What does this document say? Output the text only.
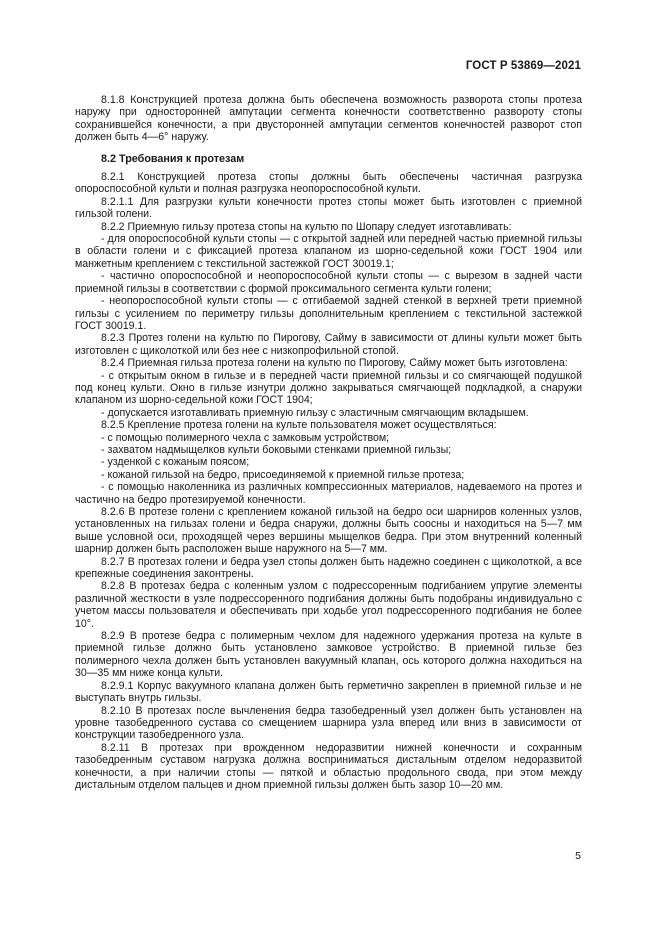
ГОСТ Р 53869—2021

8.1.8 Конструкцией протеза должна быть обеспечена возможность разворота стопы протеза наружу при односторонней ампутации сегмента конечности соответственно развороту стопы сохранившейся конечности, а при двусторонней ампутации сегментов конечностей разворот стоп должен быть 4—6° наружу.

8.2 Требования к протезам

8.2.1 Конструкцией протеза стопы должны быть обеспечены частичная разгрузка опороспособной культи и полная разгрузка неопороспособной культи.

8.2.1.1 Для разгрузки культи конечности протез стопы может быть изготовлен с приемной гильзой голени.

8.2.2 Приемную гильзу протеза стопы на культю по Шопару следует изготавливать:

- для опороспособной культи стопы — с открытой задней или передней частью приемной гильзы в области голени и с фиксацией протеза клапаном из шорно-седельной кожи ГОСТ 1904 или манжетным креплением с текстильной застежкой ГОСТ 30019.1;

- частично опороспособной и неопороспособной культи стопы — с вырезом в задней части приемной гильзы в соответствии с формой проксимального сегмента культи голени;

- неопороспособной культи стопы — с отгибаемой задней стенкой в верхней трети приемной гильзы с усилением по периметру гильзы дополнительным креплением с текстильной застежкой ГОСТ 30019.1.

8.2.3 Протез голени на культю по Пирогову, Сайму в зависимости от длины культи может быть изготовлен с щиколоткой или без нее с низкопрофильной стопой.

8.2.4 Приемная гильза протеза голени на культю по Пирогову, Сайму может быть изготовлена:

- с открытым окном в гильзе и в передней части приемной гильзы и со смягчающей подушкой под конец культи. Окно в гильзе изнутри должно закрываться смягчающей подкладкой, а снаружи клапаном из шорно-седельной кожи ГОСТ 1904;

- допускается изготавливать приемную гильзу с эластичным смягчающим вкладышем.

8.2.5 Крепление протеза голени на культе пользователя может осуществляться:

- с помощью полимерного чехла с замковым устройством;

- захватом надмыщелков культи боковыми стенками приемной гильзы;

- узденкой с кожаным поясом;

- кожаной гильзой на бедро, присоединяемой к приемной гильзе протеза;

- с помощью наколенника из различных компрессионных материалов, надеваемого на протез и частично на бедро протезируемой конечности.

8.2.6 В протезе голени с креплением кожаной гильзой на бедро оси шарниров коленных узлов, установленных на гильзах голени и бедра снаружи, должны быть соосны и находиться на 5—7 мм выше условной оси, проходящей через вершины мыщелков бедра. При этом внутренний коленный шарнир должен быть расположен выше наружного на 5—7 мм.

8.2.7 В протезах голени и бедра узел стопы должен быть надежно соединен с щиколоткой, а все крепежные соединения законтрены.

8.2.8 В протезах бедра с коленным узлом с подрессоренным подгибанием упругие элементы различной жесткости в узле подрессоренного подгибания должны быть подобраны индивидуально с учетом массы пользователя и обеспечивать при ходьбе угол подрессоренного подгибания не более 10°.

8.2.9 В протезе бедра с полимерным чехлом для надежного удержания протеза на культе в приемной гильзе должно быть установлено замковое устройство. В приемной гильзе без полимерного чехла должен быть установлен вакуумный клапан, ось которого должна находиться на 30—35 мм ниже конца культи.

8.2.9.1 Корпус вакуумного клапана должен быть герметично закреплен в приемной гильзе и не выступать внутрь гильзы.

8.2.10 В протезах после вычленения бедра тазобедренный узел должен быть установлен на уровне тазобедренного сустава со смещением шарнира узла вперед или вниз в зависимости от конструкции тазобедренного узла.

8.2.11 В протезах при врожденном недоразвитии нижней конечности и сохранным тазобедренным суставом нагрузка должна восприниматься дистальным отделом недоразвитой конечности, а при наличии стопы — пяткой и областью продольного свода, при этом между дистальным отделом пальцев и дном приемной гильзы должен быть зазор 10—20 мм.

5
